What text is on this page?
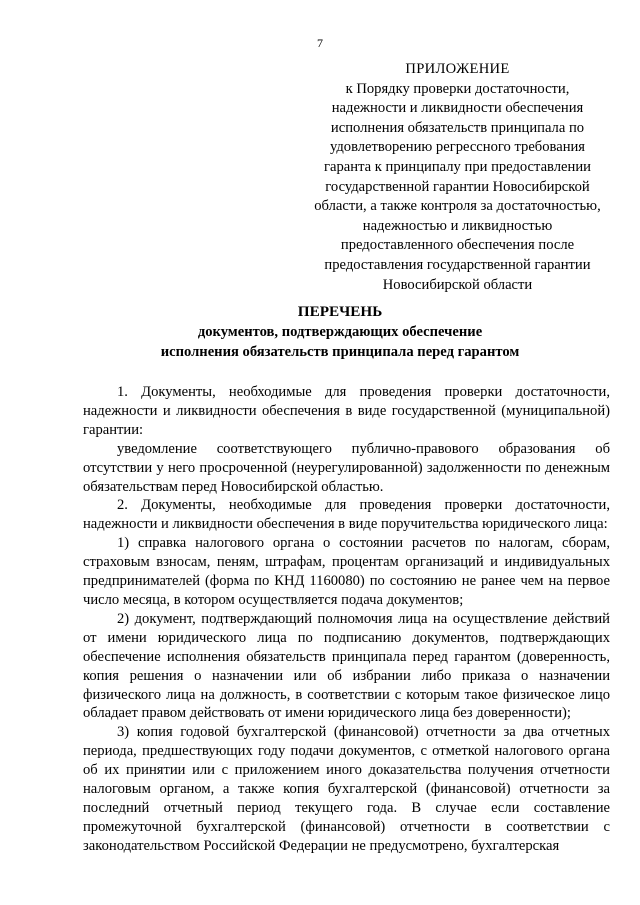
7
ПРИЛОЖЕНИЕ
к Порядку проверки достаточности,
надежности и ликвидности обеспечения
исполнения обязательств принципала по
удовлетворению регрессного требования
гаранта к принципалу при предоставлении
государственной гарантии Новосибирской
области, а также контроля за достаточностью,
надежностью и ликвидностью
предоставленного обеспечения после
предоставления государственной гарантии
Новосибирской области
ПЕРЕЧЕНЬ
документов, подтверждающих обеспечение
исполнения обязательств принципала перед гарантом

1. Документы, необходимые для проведения проверки достаточности, надежности и ликвидности обеспечения в виде государственной (муниципальной) гарантии:

уведомление соответствующего публично-правового образования об отсутствии у него просроченной (неурегулированной) задолженности по денежным обязательствам перед Новосибирской областью.

2. Документы, необходимые для проведения проверки достаточности, надежности и ликвидности обеспечения в виде поручительства юридического лица:

1) справка налогового органа о состоянии расчетов по налогам, сборам, страховым взносам, пеням, штрафам, процентам организаций и индивидуальных предпринимателей (форма по КНД 1160080) по состоянию не ранее чем на первое число месяца, в котором осуществляется подача документов;

2) документ, подтверждающий полномочия лица на осуществление действий от имени юридического лица по подписанию документов, подтверждающих обеспечение исполнения обязательств принципала перед гарантом (доверенность, копия решения о назначении или об избрании либо приказа о назначении физического лица на должность, в соответствии с которым такое физическое лицо обладает правом действовать от имени юридического лица без доверенности);

3) копия годовой бухгалтерской (финансовой) отчетности за два отчетных периода, предшествующих году подачи документов, с отметкой налогового органа об их принятии или с приложением иного доказательства получения отчетности налоговым органом, а также копия бухгалтерской (финансовой) отчетности за последний отчетный период текущего года. В случае если составление промежуточной бухгалтерской (финансовой) отчетности в соответствии с законодательством Российской Федерации не предусмотрено, бухгалтерская
